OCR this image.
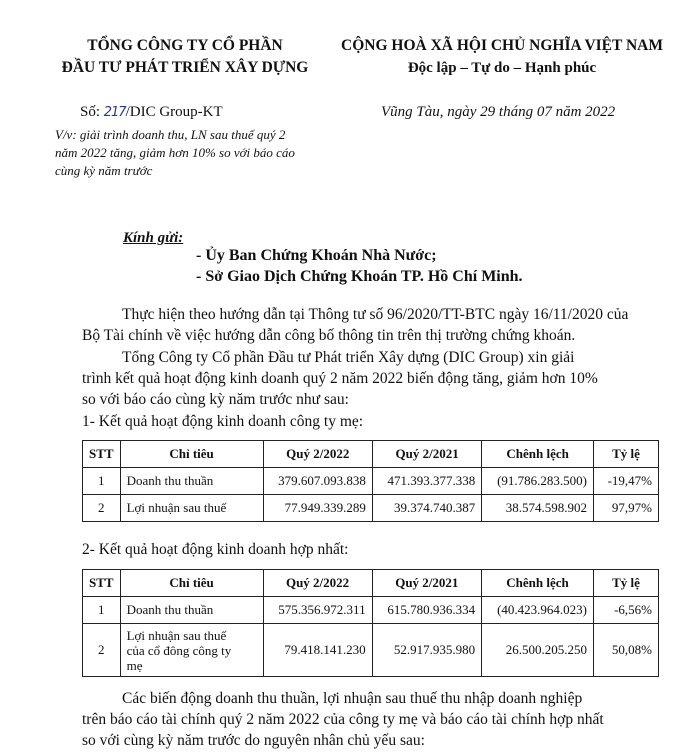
TỔNG CÔNG TY CỔ PHẦN
ĐẦU TƯ PHÁT TRIỂN XÂY DỰNG
CỘNG HOÀ XÃ HỘI CHỦ NGHĨA VIỆT NAM
Độc lập – Tự do – Hạnh phúc
Số: 217/DIC Group-KT
V/v: giải trình doanh thu, LN sau thuế quý 2
năm 2022 tăng, giảm hơn 10% so với báo cáo
cùng kỳ năm trước
Vũng Tàu, ngày 29 tháng 07 năm 2022
Kính gửi:
- Ủy Ban Chứng Khoán Nhà Nước;
- Sở Giao Dịch Chứng Khoán TP. Hồ Chí Minh.
Thực hiện theo hướng dẫn tại Thông tư số 96/2020/TT-BTC ngày 16/11/2020 của
Bộ Tài chính về việc hướng dẫn công bố thông tin trên thị trường chứng khoán.
Tổng Công ty Cổ phần Đầu tư Phát triển Xây dựng (DIC Group) xin giải
trình kết quả hoạt động kinh doanh quý 2 năm 2022 biến động tăng, giảm hơn 10%
so với báo cáo cùng kỳ năm trước như sau:
1- Kết quả hoạt động kinh doanh công ty mẹ:
STT	Chỉ tiêu	Quý 2/2022	Quý 2/2021	Chênh lệch	Tỷ lệ
1	Doanh thu thuần	379.607.093.838	471.393.377.338	(91.786.283.500)	-19,47%
2	Lợi nhuận sau thuế	77.949.339.289	39.374.740.387	38.574.598.902	97,97%
2- Kết quả hoạt động kinh doanh hợp nhất:
STT	Chỉ tiêu	Quý 2/2022	Quý 2/2021	Chênh lệch	Tỷ lệ
1	Doanh thu thuần	575.356.972.311	615.780.936.334	(40.423.964.023)	-6,56%
2	Lợi nhuận sau thuế
của cổ đông công ty
mẹ	79.418.141.230	52.917.935.980	26.500.205.250	50,08%
Các biến động doanh thu thuần, lợi nhuận sau thuế thu nhập doanh nghiệp
trên báo cáo tài chính quý 2 năm 2022 của công ty mẹ và báo cáo tài chính hợp nhất
so với cùng kỳ năm trước do nguyên nhân chủ yếu sau:
